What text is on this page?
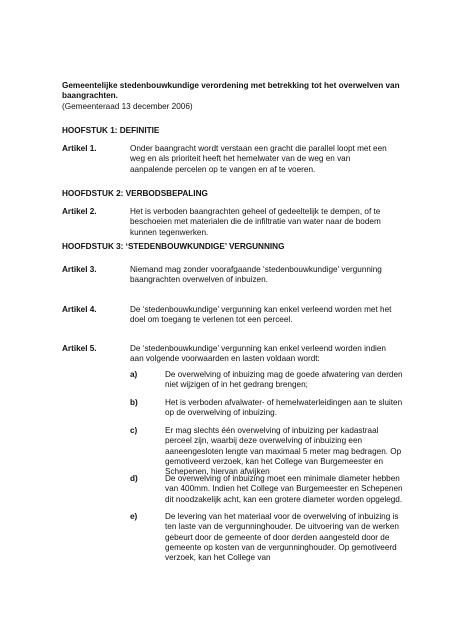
Gemeentelijke stedenbouwkundige verordening met betrekking tot het overwelven van baangrachten.
(Gemeenteraad 13 december 2006)
HOOFSTUK 1: DEFINITIE
Artikel 1.	Onder baangracht wordt verstaan een gracht die parallel loopt met een weg en als prioriteit heeft het hemelwater van de weg en van aanpalende percelen op te vangen en af te voeren.
HOOFDSTUK 2: VERBODSBEPALING
Artikel 2.	Het is verboden baangrachten geheel of gedeeltelijk te dempen, of te beschoeien met materialen die de infiltratie van water naar de bodem kunnen tegenwerken.
HOOFDSTUK 3: ‘STEDENBOUWKUNDIGE’ VERGUNNING
Artikel 3.	Niemand mag zonder voorafgaande ‘stedenbouwkundige’ vergunning baangrachten overwelven of inbuizen.
Artikel 4.	De ‘stedenbouwkundige’ vergunning kan enkel verleend worden met het doel om toegang te verlenen tot een perceel.
Artikel 5.	De ‘stedenbouwkundige’ vergunning kan enkel verleend worden indien aan volgende voorwaarden en lasten voldaan wordt:
a)	De overwelving of inbuizing mag de goede afwatering van derden niet wijzigen of in het gedrang brengen;
b)	Het is verboden afvalwater- of hemelwaterleidingen aan te sluiten op de overwelving of inbuizing.
c)	Er mag slechts één overwelving of inbuizing per kadastraal perceel zijn, waarbij deze overwelving of inbuizing een aaneengesloten lengte van maximaal 5 meter mag bedragen. Op gemotiveerd verzoek, kan het College van Burgemeester en Schepenen, hiervan afwijken
d)	De overwelving of inbuizing moet een minimale diameter hebben van 400mm. Indien het College van Burgemeester en Schepenen dit noodzakelijk acht, kan een grotere diameter worden opgelegd.
e)	De levering van het materiaal voor de overwelving of inbuizing is ten laste van de vergunninghouder. De uitvoering van de werken gebeurt door de gemeente of door derden aangesteld door de gemeente op kosten van de vergunninghouder. Op gemotiveerd verzoek, kan het College van
